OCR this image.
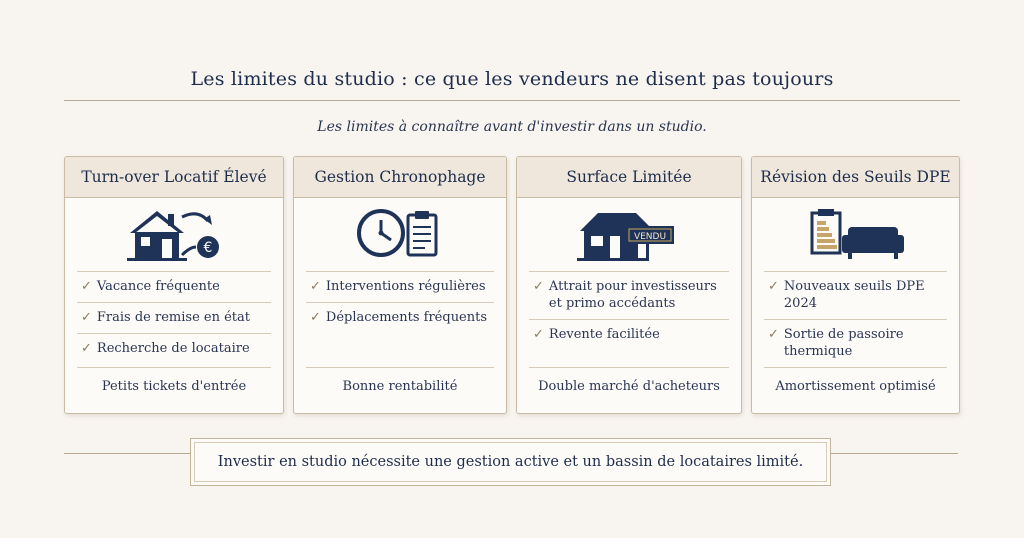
Les limites du studio : ce que les vendeurs ne disent pas toujours
Les limites à connaître avant d'investir dans un studio.
Turn-over Locatif Élevé
€
✓ Vacance fréquente
✓ Frais de remise en état
✓ Recherche de locataire
Petits tickets d'entrée
Gestion Chronophage
✓ Interventions régulières
✓ Déplacements fréquents
Bonne rentabilité
Surface Limitée
VENDU
✓ Attrait pour investisseurs et primo accédants
✓ Revente facilitée
Double marché d'acheteurs
Révision des Seuils DPE
✓ Nouveaux seuils DPE 2024
✓ Sortie de passoire thermique
Amortissement optimisé
Investir en studio nécessite une gestion active et un bassin de locataires limité.
